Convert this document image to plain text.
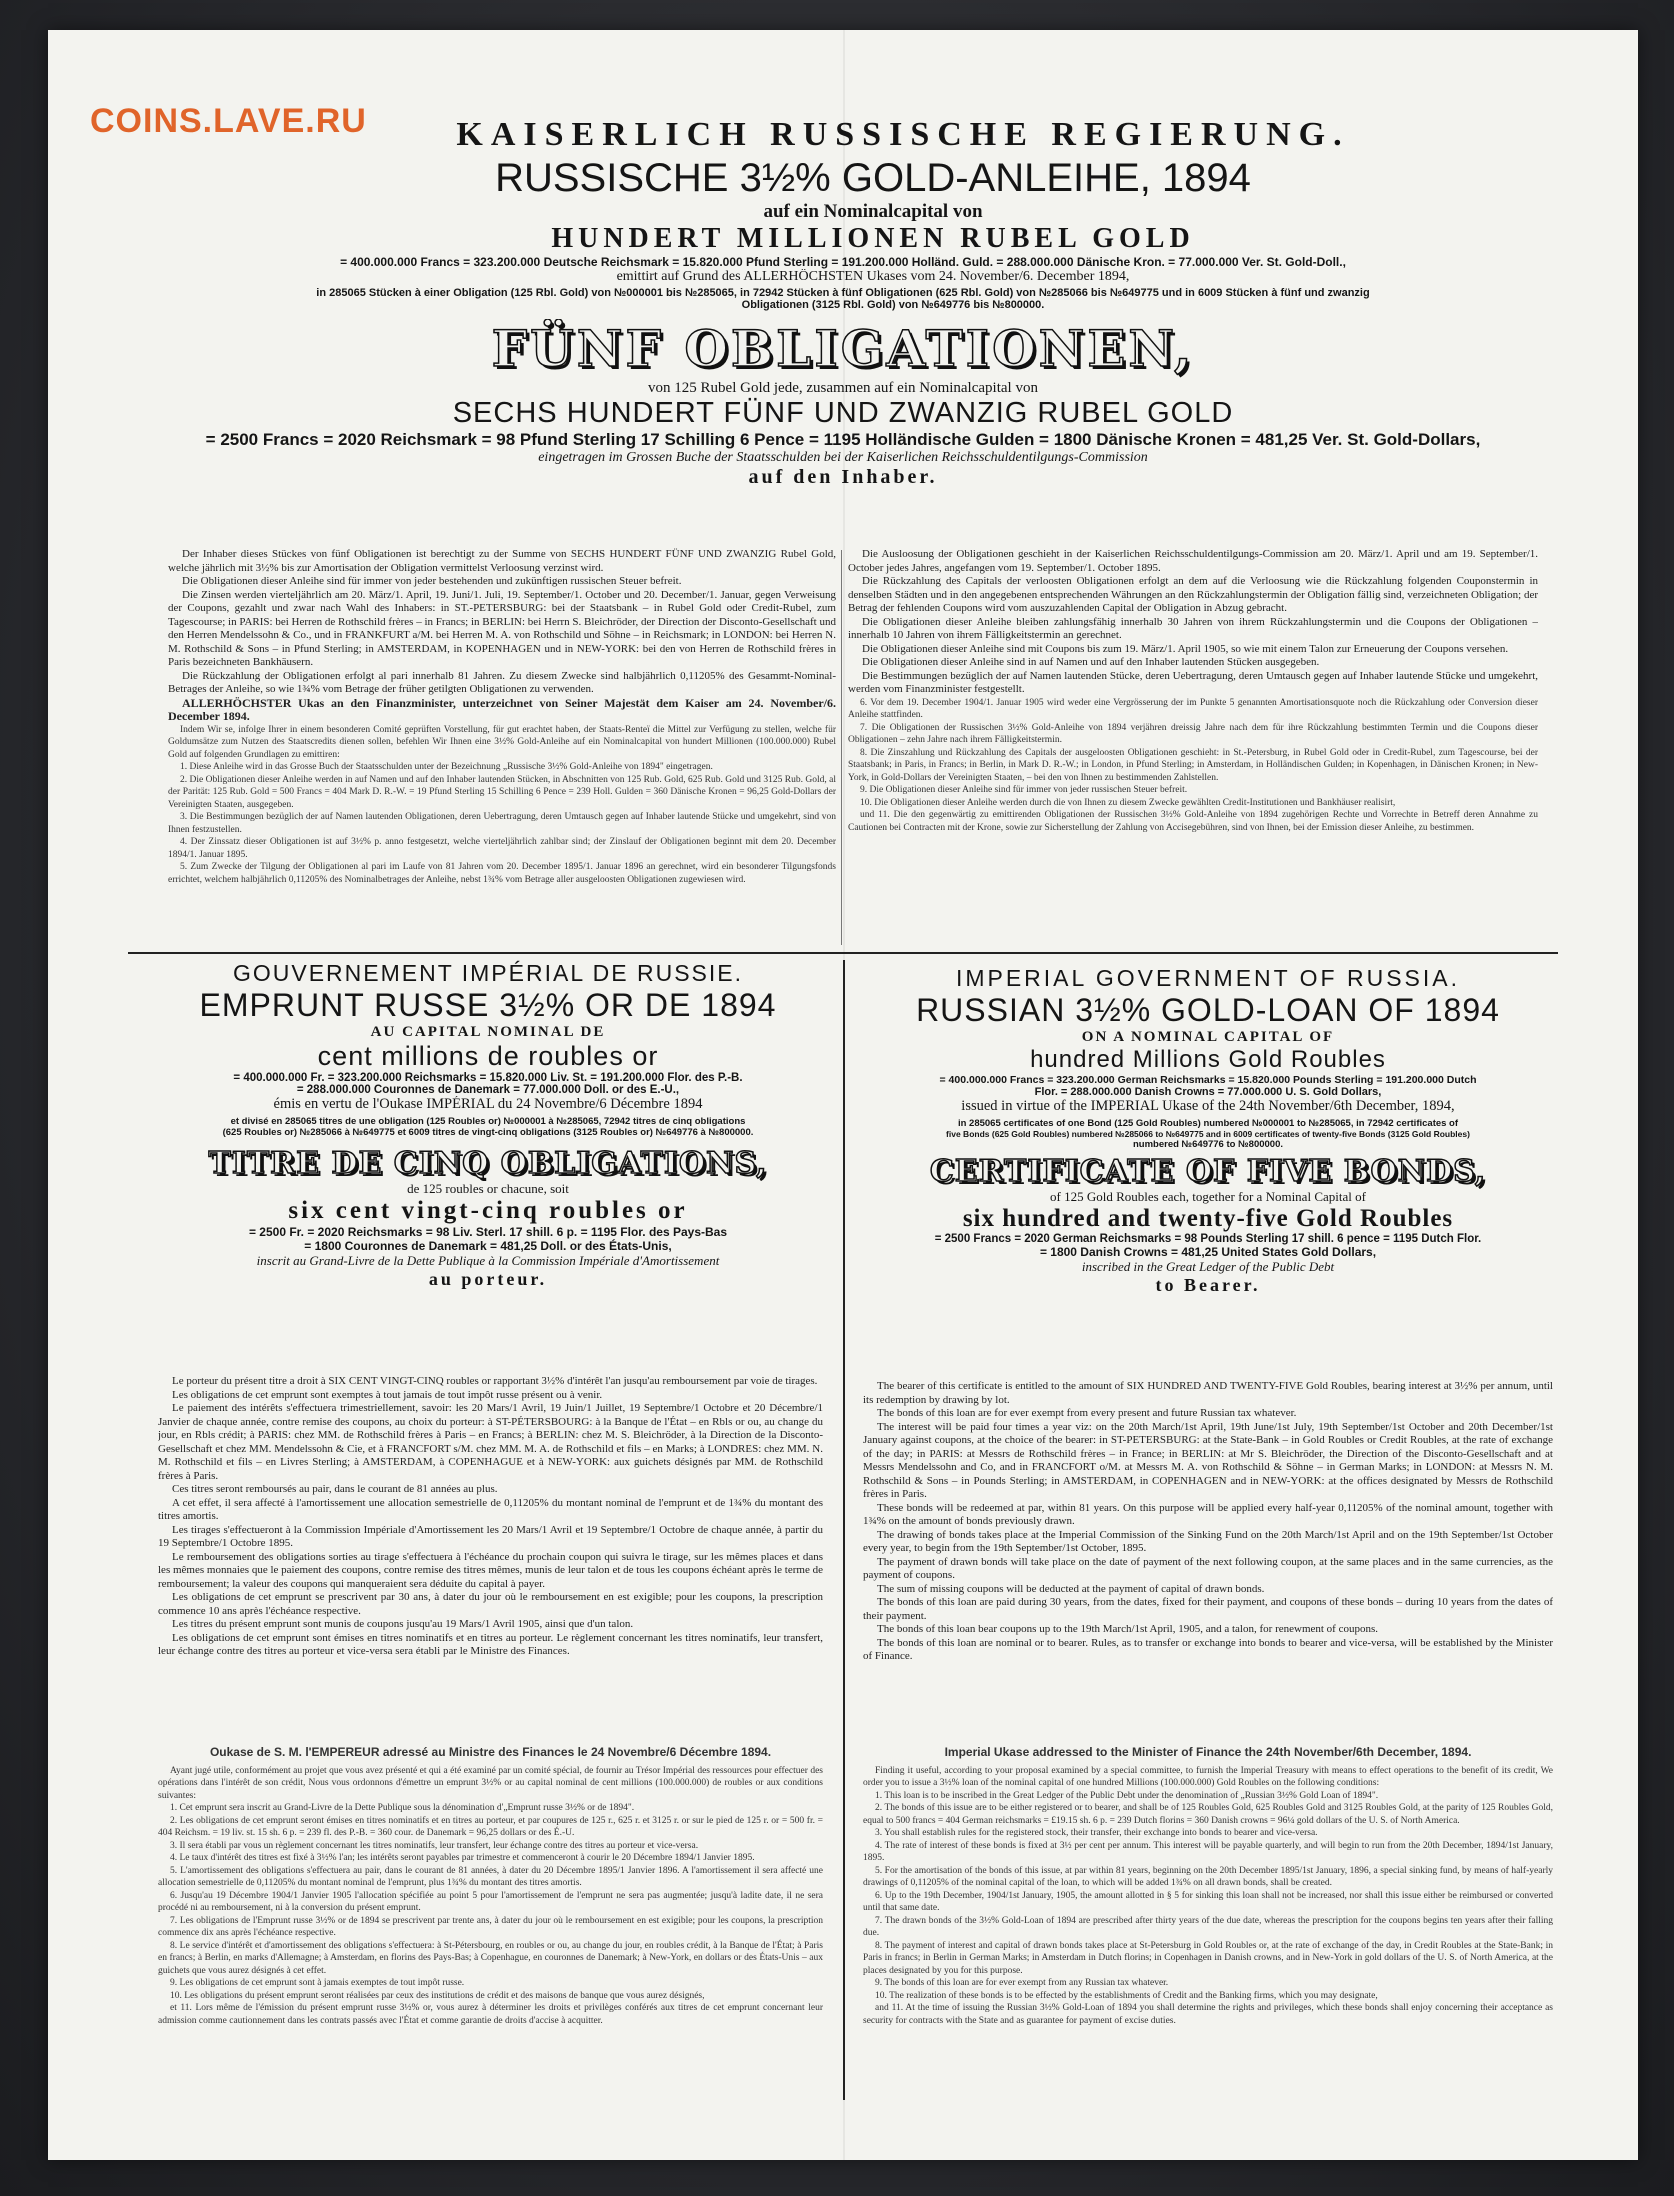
COINS.LAVE.RU	KAISERLICH RUSSISCHE REGIERUNG.
RUSSISCHE 3½% GOLD-ANLEIHE, 1894
auf ein Nominalcapital von
HUNDERT MILLIONEN RUBEL GOLD
= 400.000.000 Francs = 323.200.000 Deutsche Reichsmark = 15.820.000 Pfund Sterling = 191.200.000 Holländ. Guld. = 288.000.000 Dänische Kron. = 77.000.000 Ver. St. Gold-Doll.,
emittirt auf Grund des ALLERHÖCHSTEN Ukases vom 24. November/6. December 1894,
in 285065 Stücken à einer Obligation (125 Rbl. Gold) von №000001 bis №285065, in 72942 Stücken à fünf Obligationen (625 Rbl. Gold) von №285066 bis №649775 und in 6009 Stücken à fünf und zwanzig
Obligationen (3125 Rbl. Gold) von №649776 bis №800000.
FÜNF OBLIGATIONEN,
von 125 Rubel Gold jede, zusammen auf ein Nominalcapital von
SECHS HUNDERT FÜNF UND ZWANZIG RUBEL GOLD
= 2500 Francs = 2020 Reichsmark = 98 Pfund Sterling 17 Schilling 6 Pence = 1195 Holländische Gulden = 1800 Dänische Kronen = 481,25 Ver. St. Gold-Dollars,
eingetragen im Grossen Buche der Staatsschulden bei der Kaiserlichen Reichsschuldentilgungs-Commission
auf den Inhaber.

Der Inhaber dieses Stückes von fünf Obligationen ist berechtigt zu der Summe von SECHS HUNDERT FÜNF UND ZWANZIG Rubel Gold, welche jährlich mit 3½% bis zur Amortisation der Obligation vermittelst Verloosung verzinst wird.

Die Obligationen dieser Anleihe sind für immer von jeder bestehenden und zukünftigen russischen Steuer befreit.

Die Zinsen werden vierteljährlich am 20. März/1. April, 19. Juni/1. Juli, 19. September/1. October und 20. December/1. Januar, gegen Verweisung der Coupons, gezahlt und zwar nach Wahl des Inhabers: in ST.-PETERSBURG: bei der Staatsbank – in Rubel Gold oder Credit-Rubel, zum Tagescourse; in PARIS: bei Herren de Rothschild frères – in Francs; in BERLIN: bei Herrn S. Bleichröder, der Direction der Disconto-Gesellschaft und den Herren Mendelssohn & Co., und in FRANKFURT a/M. bei Herren M. A. von Rothschild und Söhne – in Reichsmark; in LONDON: bei Herren N. M. Rothschild & Sons – in Pfund Sterling; in AMSTERDAM, in KOPENHAGEN und in NEW-YORK: bei den von Herren de Rothschild frères in Paris bezeichneten Bankhäusern.

Die Rückzahlung der Obligationen erfolgt al pari innerhalb 81 Jahren. Zu diesem Zwecke sind halbjährlich 0,11205% des Gesammt-Nominal-Betrages der Anleihe, so wie 1¾% vom Betrage der früher getilgten Obligationen zu verwenden.

ALLERHÖCHSTER Ukas an den Finanzminister, unterzeichnet von Seiner Majestät dem Kaiser am 24. November/6. December 1894.

Indem Wir se, infolge Ihrer in einem besonderen Comité geprüften Vorstellung, für gut erachtet haben, der Staats-Renteï die Mittel zur Verfügung zu stellen, welche für Goldumsätze zum Nutzen des Staatscredits dienen sollen, befehlen Wir Ihnen eine 3½% Gold-Anleihe auf ein Nominalcapital von hundert Millionen (100.000.000) Rubel Gold auf folgenden Grundlagen zu emittiren:

1. Diese Anleihe wird in das Grosse Buch der Staatsschulden unter der Bezeichnung „Russische 3½% Gold-Anleihe von 1894" eingetragen.

2. Die Obligationen dieser Anleihe werden in auf Namen und auf den Inhaber lautenden Stücken, in Abschnitten von 125 Rub. Gold, 625 Rub. Gold und 3125 Rub. Gold, al der Parität: 125 Rub. Gold = 500 Francs = 404 Mark D. R.-W. = 19 Pfund Sterling 15 Schilling 6 Pence = 239 Holl. Gulden = 360 Dänische Kronen = 96,25 Gold-Dollars der Vereinigten Staaten, ausgegeben.

3. Die Bestimmungen bezüglich der auf Namen lautenden Obligationen, deren Uebertragung, deren Umtausch gegen auf Inhaber lautende Stücke und umgekehrt, sind von Ihnen festzustellen.

4. Der Zinssatz dieser Obligationen ist auf 3½% p. anno festgesetzt, welche vierteljährlich zahlbar sind; der Zinslauf der Obligationen beginnt mit dem 20. December 1894/1. Januar 1895.

5. Zum Zwecke der Tilgung der Obligationen al pari im Laufe von 81 Jahren vom 20. December 1895/1. Januar 1896 an gerechnet, wird ein besonderer Tilgungsfonds errichtet, welchem halbjährlich 0,11205% des Nominalbetrages der Anleihe, nebst 1¾% vom Betrage aller ausgeloosten Obligationen zugewiesen wird.

Die Ausloosung der Obligationen geschieht in der Kaiserlichen Reichsschuldentilgungs-Commission am 20. März/1. April und am 19. September/1. October jedes Jahres, angefangen vom 19. September/1. October 1895.

Die Rückzahlung des Capitals der verloosten Obligationen erfolgt an dem auf die Verloosung wie die Rückzahlung folgenden Couponstermin in denselben Städten und in den angegebenen entsprechenden Währungen an den Rückzahlungstermin der Obligation fällig sind, verzeichneten Obligation; der Betrag der fehlenden Coupons wird vom auszuzahlenden Capital der Obligation in Abzug gebracht.

Die Obligationen dieser Anleihe bleiben zahlungsfähig innerhalb 30 Jahren von ihrem Rückzahlungstermin und die Coupons der Obligationen – innerhalb 10 Jahren von ihrem Fälligkeitstermin an gerechnet.

Die Obligationen dieser Anleihe sind mit Coupons bis zum 19. März/1. April 1905, so wie mit einem Talon zur Erneuerung der Coupons versehen.

Die Obligationen dieser Anleihe sind in auf Namen und auf den Inhaber lautenden Stücken ausgegeben.

Die Bestimmungen bezüglich der auf Namen lautenden Stücke, deren Uebertragung, deren Umtausch gegen auf Inhaber lautende Stücke und umgekehrt, werden vom Finanzminister festgestellt.

6. Vor dem 19. December 1904/1. Januar 1905 wird weder eine Vergrösserung der im Punkte 5 genannten Amortisationsquote noch die Rückzahlung oder Conversion dieser Anleihe stattfinden.

7. Die Obligationen der Russischen 3½% Gold-Anleihe von 1894 verjähren dreissig Jahre nach dem für ihre Rückzahlung bestimmten Termin und die Coupons dieser Obligationen – zehn Jahre nach ihrem Fälligkeitstermin.

8. Die Zinszahlung und Rückzahlung des Capitals der ausgeloosten Obligationen geschieht: in St.-Petersburg, in Rubel Gold oder in Credit-Rubel, zum Tagescourse, bei der Staatsbank; in Paris, in Francs; in Berlin, in Mark D. R.-W.; in London, in Pfund Sterling; in Amsterdam, in Holländischen Gulden; in Kopenhagen, in Dänischen Kronen; in New-York, in Gold-Dollars der Vereinigten Staaten, – bei den von Ihnen zu bestimmenden Zahlstellen.

9. Die Obligationen dieser Anleihe sind für immer von jeder russischen Steuer befreit.

10. Die Obligationen dieser Anleihe werden durch die von Ihnen zu diesem Zwecke gewählten Credit-Institutionen und Bankhäuser realisirt,

und 11. Die den gegenwärtig zu emittirenden Obligationen der Russischen 3½% Gold-Anleihe von 1894 zugehörigen Rechte und Vorrechte in Betreff deren Annahme zu Cautionen bei Contracten mit der Krone, sowie zur Sicherstellung der Zahlung von Accisegebühren, sind von Ihnen, bei der Emission dieser Anleihe, zu bestimmen.

GOUVERNEMENT IMPÉRIAL DE RUSSIE.
EMPRUNT RUSSE 3½% OR DE 1894
AU CAPITAL NOMINAL DE
cent millions de roubles or
= 400.000.000 Fr. = 323.200.000 Reichsmarks = 15.820.000 Liv. St. = 191.200.000 Flor. des P.-B.
= 288.000.000 Couronnes de Danemark = 77.000.000 Doll. or des É.-U.,
émis en vertu de l'Oukase IMPÉRIAL du 24 Novembre/6 Décembre 1894
et divisé en 285065 titres de une obligation (125 Roubles or) №000001 à №285065, 72942 titres de cinq obligations
(625 Roubles or) №285066 à №649775 et 6009 titres de vingt-cinq obligations (3125 Roubles or) №649776 à №800000.
TITRE DE CINQ OBLIGATIONS,
de 125 roubles or chacune, soit
six cent vingt-cinq roubles or
= 2500 Fr. = 2020 Reichsmarks = 98 Liv. Sterl. 17 shill. 6 p. = 1195 Flor. des Pays-Bas
= 1800 Couronnes de Danemark = 481,25 Doll. or des États-Unis,
inscrit au Grand-Livre de la Dette Publique à la Commission Impériale d'Amortissement
au porteur.

Le porteur du présent titre a droit à SIX CENT VINGT-CINQ roubles or rapportant 3½% d'intérêt l'an jusqu'au remboursement par voie de tirages.

Les obligations de cet emprunt sont exemptes à tout jamais de tout impôt russe présent ou à venir.

Le paiement des intérêts s'effectuera trimestriellement, savoir: les 20 Mars/1 Avril, 19 Juin/1 Juillet, 19 Septembre/1 Octobre et 20 Décembre/1 Janvier de chaque année, contre remise des coupons, au choix du porteur: à ST-PÉTERSBOURG: à la Banque de l'État – en Rbls or ou, au change du jour, en Rbls crédit; à PARIS: chez MM. de Rothschild frères à Paris – en Francs; à BERLIN: chez M. S. Bleichröder, à la Direction de la Disconto-Gesellschaft et chez MM. Mendelssohn & Cie, et à FRANCFORT s/M. chez MM. M. A. de Rothschild et fils – en Marks; à LONDRES: chez MM. N. M. Rothschild et fils – en Livres Sterling; à AMSTERDAM, à COPENHAGUE et à NEW-YORK: aux guichets désignés par MM. de Rothschild frères à Paris.

Ces titres seront remboursés au pair, dans le courant de 81 années au plus.

A cet effet, il sera affecté à l'amortissement une allocation semestrielle de 0,11205% du montant nominal de l'emprunt et de 1¾% du montant des titres amortis.

Les tirages s'effectueront à la Commission Impériale d'Amortissement les 20 Mars/1 Avril et 19 Septembre/1 Octobre de chaque année, à partir du 19 Septembre/1 Octobre 1895.

Le remboursement des obligations sorties au tirage s'effectuera à l'échéance du prochain coupon qui suivra le tirage, sur les mêmes places et dans les mêmes monnaies que le paiement des coupons, contre remise des titres mêmes, munis de leur talon et de tous les coupons échéant après le terme de remboursement; la valeur des coupons qui manqueraient sera déduite du capital à payer.

Les obligations de cet emprunt se prescrivent par 30 ans, à dater du jour où le remboursement en est exigible; pour les coupons, la prescription commence 10 ans après l'échéance respective.

Les titres du présent emprunt sont munis de coupons jusqu'au 19 Mars/1 Avril 1905, ainsi que d'un talon.

Les obligations de cet emprunt sont émises en titres nominatifs et en titres au porteur. Le règlement concernant les titres nominatifs, leur transfert, leur échange contre des titres au porteur et vice-versa sera établi par le Ministre des Finances.

Oukase de S. M. l'EMPEREUR adressé au Ministre des Finances le 24 Novembre/6 Décembre 1894.

Ayant jugé utile, conformément au projet que vous avez présenté et qui a été examiné par un comité spécial, de fournir au Trésor Impérial des ressources pour effectuer des opérations dans l'intérêt de son crédit, Nous vous ordonnons d'émettre un emprunt 3½% or au capital nominal de cent millions (100.000.000) de roubles or aux conditions suivantes:

1. Cet emprunt sera inscrit au Grand-Livre de la Dette Publique sous la dénomination d'„Emprunt russe 3½% or de 1894".

2. Les obligations de cet emprunt seront émises en titres nominatifs et en titres au porteur, et par coupures de 125 r., 625 r. et 3125 r. or sur le pied de 125 r. or = 500 fr. = 404 Reichsm. = 19 liv. st. 15 sh. 6 p. = 239 fl. des P.-B. = 360 cour. de Danemark = 96,25 dollars or des É.-U.

3. Il sera établi par vous un règlement concernant les titres nominatifs, leur transfert, leur échange contre des titres au porteur et vice-versa.

4. Le taux d'intérêt des titres est fixé à 3½% l'an; les intérêts seront payables par trimestre et commenceront à courir le 20 Décembre 1894/1 Janvier 1895.

5. L'amortissement des obligations s'effectuera au pair, dans le courant de 81 années, à dater du 20 Décembre 1895/1 Janvier 1896. A l'amortissement il sera affecté une allocation semestrielle de 0,11205% du montant nominal de l'emprunt, plus 1¾% du montant des titres amortis.

6. Jusqu'au 19 Décembre 1904/1 Janvier 1905 l'allocation spécifiée au point 5 pour l'amortissement de l'emprunt ne sera pas augmentée; jusqu'à ladite date, il ne sera procédé ni au remboursement, ni à la conversion du présent emprunt.

7. Les obligations de l'Emprunt russe 3½% or de 1894 se prescrivent par trente ans, à dater du jour où le remboursement en est exigible; pour les coupons, la prescription commence dix ans après l'échéance respective.

8. Le service d'intérêt et d'amortissement des obligations s'effectuera: à St-Pétersbourg, en roubles or ou, au change du jour, en roubles crédit, à la Banque de l'État; à Paris en francs; à Berlin, en marks d'Allemagne; à Amsterdam, en florins des Pays-Bas; à Copenhague, en couronnes de Danemark; à New-York, en dollars or des États-Unis – aux guichets que vous aurez désignés à cet effet.

9. Les obligations de cet emprunt sont à jamais exemptes de tout impôt russe.

10. Les obligations du présent emprunt seront réalisées par ceux des institutions de crédit et des maisons de banque que vous aurez désignés,

et 11. Lors même de l'émission du présent emprunt russe 3½% or, vous aurez à déterminer les droits et privilèges conférés aux titres de cet emprunt concernant leur admission comme cautionnement dans les contrats passés avec l'État et comme garantie de droits d'accise à acquitter.

IMPERIAL GOVERNMENT OF RUSSIA.
RUSSIAN 3½% GOLD-LOAN OF 1894
ON A NOMINAL CAPITAL OF
hundred Millions Gold Roubles
= 400.000.000 Francs = 323.200.000 German Reichsmarks = 15.820.000 Pounds Sterling = 191.200.000 Dutch
Flor. = 288.000.000 Danish Crowns = 77.000.000 U. S. Gold Dollars,
issued in virtue of the IMPERIAL Ukase of the 24th November/6th December, 1894,
in 285065 certificates of one Bond (125 Gold Roubles) numbered №000001 to №285065, in 72942 certificates of
five Bonds (625 Gold Roubles) numbered №285066 to №649775 and in 6009 certificates of twenty-five Bonds (3125 Gold Roubles)
numbered №649776 to №800000.
CERTIFICATE OF FIVE BONDS,
of 125 Gold Roubles each, together for a Nominal Capital of
six hundred and twenty-five Gold Roubles
= 2500 Francs = 2020 German Reichsmarks = 98 Pounds Sterling 17 shill. 6 pence = 1195 Dutch Flor.
= 1800 Danish Crowns = 481,25 United States Gold Dollars,
inscribed in the Great Ledger of the Public Debt
to Bearer.

The bearer of this certificate is entitled to the amount of SIX HUNDRED AND TWENTY-FIVE Gold Roubles, bearing interest at 3½% per annum, until its redemption by drawing by lot.

The bonds of this loan are for ever exempt from every present and future Russian tax whatever.

The interest will be paid four times a year viz: on the 20th March/1st April, 19th June/1st July, 19th September/1st October and 20th December/1st January against coupons, at the choice of the bearer: in ST-PETERSBURG: at the State-Bank – in Gold Roubles or Credit Roubles, at the rate of exchange of the day; in PARIS: at Messrs de Rothschild frères – in France; in BERLIN: at Mr S. Bleichröder, the Direction of the Disconto-Gesellschaft and at Messrs Mendelssohn and Co, and in FRANCFORT o/M. at Messrs M. A. von Rothschild & Söhne – in German Marks; in LONDON: at Messrs N. M. Rothschild & Sons – in Pounds Sterling; in AMSTERDAM, in COPENHAGEN and in NEW-YORK: at the offices designated by Messrs de Rothschild frères in Paris.

These bonds will be redeemed at par, within 81 years. On this purpose will be applied every half-year 0,11205% of the nominal amount, together with 1¾% on the amount of bonds previously drawn.

The drawing of bonds takes place at the Imperial Commission of the Sinking Fund on the 20th March/1st April and on the 19th September/1st October every year, to begin from the 19th September/1st October, 1895.

The payment of drawn bonds will take place on the date of payment of the next following coupon, at the same places and in the same currencies, as the payment of coupons.

The sum of missing coupons will be deducted at the payment of capital of drawn bonds.

The bonds of this loan are paid during 30 years, from the dates, fixed for their payment, and coupons of these bonds – during 10 years from the dates of their payment.

The bonds of this loan bear coupons up to the 19th March/1st April, 1905, and a talon, for renewment of coupons.

The bonds of this loan are nominal or to bearer. Rules, as to transfer or exchange into bonds to bearer and vice-versa, will be established by the Minister of Finance.

Imperial Ukase addressed to the Minister of Finance the 24th November/6th December, 1894.

Finding it useful, according to your proposal examined by a special committee, to furnish the Imperial Treasury with means to effect operations to the benefit of its credit, We order you to issue a 3½% loan of the nominal capital of one hundred Millions (100.000.000) Gold Roubles on the following conditions:

1. This loan is to be inscribed in the Great Ledger of the Public Debt under the denomination of „Russian 3½% Gold Loan of 1894".

2. The bonds of this issue are to be either registered or to bearer, and shall be of 125 Roubles Gold, 625 Roubles Gold and 3125 Roubles Gold, at the parity of 125 Roubles Gold, equal to 500 francs = 404 German reichsmarks = £19.15 sh. 6 p. = 239 Dutch florins = 360 Danish crowns = 96¼ gold dollars of the U. S. of North America.

3. You shall establish rules for the registered stock, their transfer, their exchange into bonds to bearer and vice-versa.

4. The rate of interest of these bonds is fixed at 3½ per cent per annum. This interest will be payable quarterly, and will begin to run from the 20th December, 1894/1st January, 1895.

5. For the amortisation of the bonds of this issue, at par within 81 years, beginning on the 20th December 1895/1st January, 1896, a special sinking fund, by means of half-yearly drawings of 0,11205% of the nominal capital of the loan, to which will be added 1¾% on all drawn bonds, shall be created.

6. Up to the 19th December, 1904/1st January, 1905, the amount allotted in § 5 for sinking this loan shall not be increased, nor shall this issue either be reimbursed or converted until that same date.

7. The drawn bonds of the 3½% Gold-Loan of 1894 are prescribed after thirty years of the due date, whereas the prescription for the coupons begins ten years after their falling due.

8. The payment of interest and capital of drawn bonds takes place at St-Petersburg in Gold Roubles or, at the rate of exchange of the day, in Credit Roubles at the State-Bank; in Paris in francs; in Berlin in German Marks; in Amsterdam in Dutch florins; in Copenhagen in Danish crowns, and in New-York in gold dollars of the U. S. of North America, at the places designated by you for this purpose.

9. The bonds of this loan are for ever exempt from any Russian tax whatever.

10. The realization of these bonds is to be effected by the establishments of Credit and the Banking firms, which you may designate,

and 11. At the time of issuing the Russian 3½% Gold-Loan of 1894 you shall determine the rights and privileges, which these bonds shall enjoy concerning their acceptance as security for contracts with the State and as guarantee for payment of excise duties.
